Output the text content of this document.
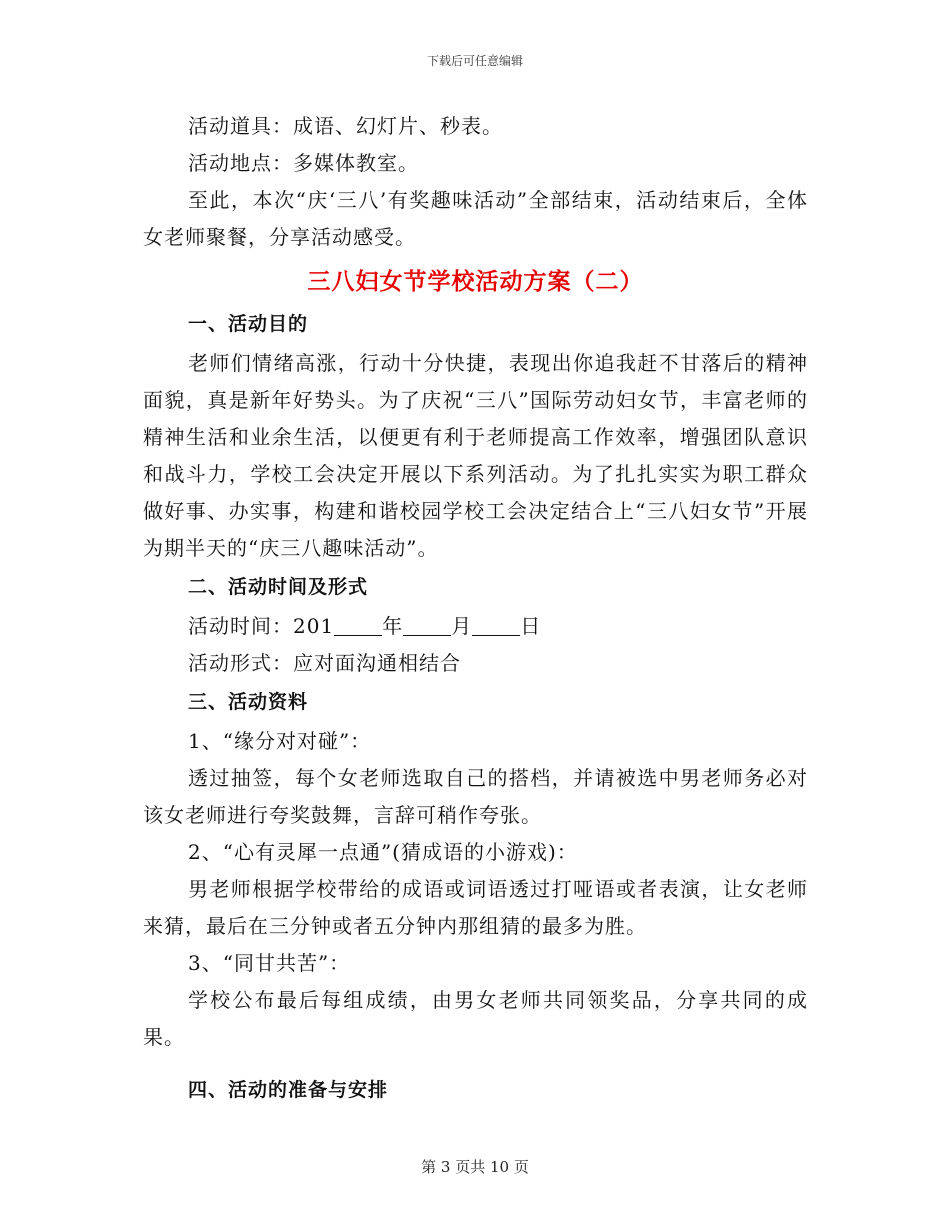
下载后可任意编辑

活动道具：成语、幻灯片、秒表。

活动地点：多媒体教室。

至此，本次“庆‘三八’有奖趣味活动”全部结束，活动结束后，全体女老师聚餐，分享活动感受。

三八妇女节学校活动方案（二）
一、活动目的

老师们情绪高涨，行动十分快捷，表现出你追我赶不甘落后的精神面貌，真是新年好势头。为了庆祝“三八”国际劳动妇女节，丰富老师的精神生活和业余生活，以便更有利于老师提高工作效率，增强团队意识和战斗力，学校工会决定开展以下系列活动。为了扎扎实实为职工群众做好事、办实事，构建和谐校园学校工会决定结合上“三八妇女节”开展为期半天的“庆三八趣味活动”。

二、活动时间及形式

活动时间：201 年 月 日

活动形式：应对面沟通相结合

三、活动资料

1、“缘分对对碰”：

透过抽签，每个女老师选取自己的搭档，并请被选中男老师务必对该女老师进行夸奖鼓舞，言辞可稍作夸张。

2、“心有灵犀一点通”(猜成语的小游戏)：

男老师根据学校带给的成语或词语透过打哑语或者表演，让女老师来猜，最后在三分钟或者五分钟内那组猜的最多为胜。

3、“同甘共苦”：

学校公布最后每组成绩，由男女老师共同领奖品，分享共同的成果。

四、活动的准备与安排
第 3 页共 10 页
